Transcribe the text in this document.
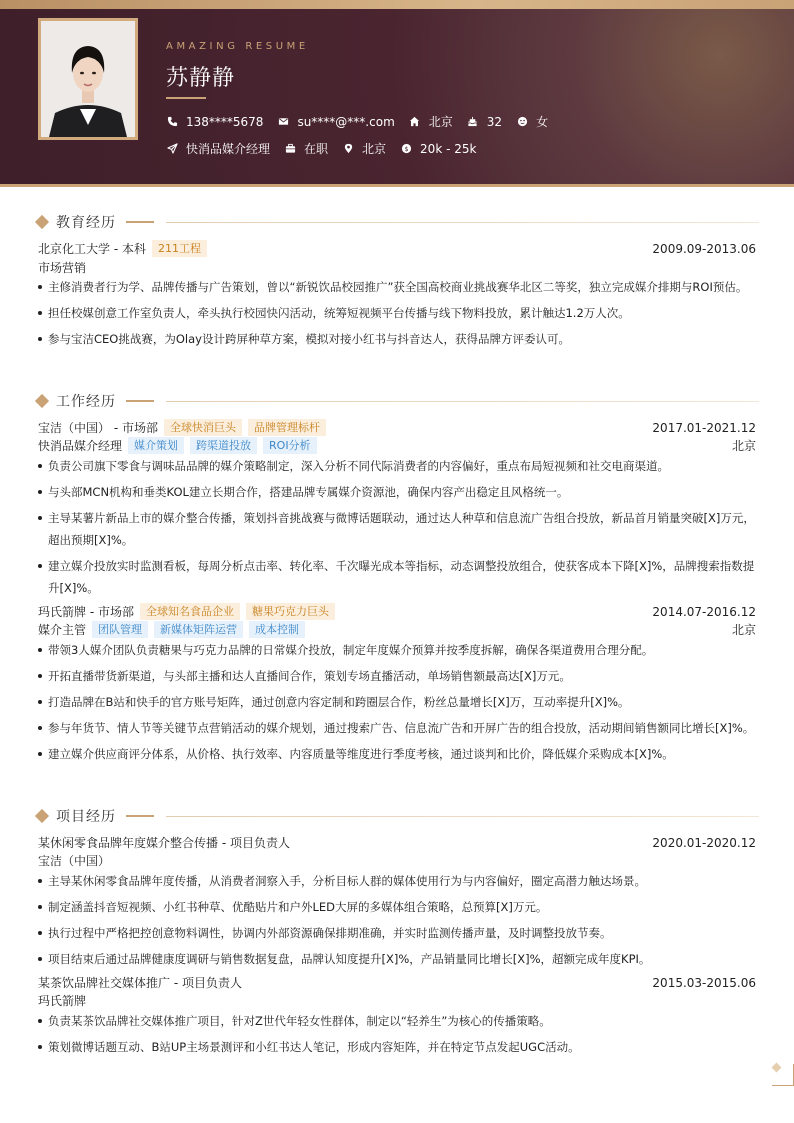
AMAZING RESUME
苏静静
138****5678	su****@***.com	北京	32	女
快消品媒介经理	在职	北京	$ 20k - 25k
教育经历
北京化工大学 - 本科	211工程	2009.09-2013.06
市场营销
主修消费者行为学、品牌传播与广告策划，曾以“新锐饮品校园推广”获全国高校商业挑战赛华北区二等奖，独立完成媒介排期与ROI预估。
担任校媒创意工作室负责人，牵头执行校园快闪活动，统筹短视频平台传播与线下物料投放，累计触达1.2万人次。
参与宝洁CEO挑战赛，为Olay设计跨屏种草方案，模拟对接小红书与抖音达人，获得品牌方评委认可。
工作经历
宝洁（中国） - 市场部	全球快消巨头	品牌管理标杆	2017.01-2021.12
快消品媒介经理	媒介策划	跨渠道投放	ROI分析	北京
负责公司旗下零食与调味品品牌的媒介策略制定，深入分析不同代际消费者的内容偏好，重点布局短视频和社交电商渠道。
与头部MCN机构和垂类KOL建立长期合作，搭建品牌专属媒介资源池，确保内容产出稳定且风格统一。
主导某薯片新品上市的媒介整合传播，策划抖音挑战赛与微博话题联动，通过达人种草和信息流广告组合投放，新品首月销量突破[X]万元，超出预期[X]%。
建立媒介投放实时监测看板，每周分析点击率、转化率、千次曝光成本等指标，动态调整投放组合，使获客成本下降[X]%，品牌搜索指数提升[X]%。
玛氏箭牌 - 市场部	全球知名食品企业	糖果巧克力巨头	2014.07-2016.12
媒介主管	团队管理	新媒体矩阵运营	成本控制	北京
带领3人媒介团队负责糖果与巧克力品牌的日常媒介投放，制定年度媒介预算并按季度拆解，确保各渠道费用合理分配。
开拓直播带货新渠道，与头部主播和达人直播间合作，策划专场直播活动，单场销售额最高达[X]万元。
打造品牌在B站和快手的官方账号矩阵，通过创意内容定制和跨圈层合作，粉丝总量增长[X]万，互动率提升[X]%。
参与年货节、情人节等关键节点营销活动的媒介规划，通过搜索广告、信息流广告和开屏广告的组合投放，活动期间销售额同比增长[X]%。
建立媒介供应商评分体系，从价格、执行效率、内容质量等维度进行季度考核，通过谈判和比价，降低媒介采购成本[X]%。
项目经历
某休闲零食品牌年度媒介整合传播 - 项目负责人	2020.01-2020.12
宝洁（中国）
主导某休闲零食品牌年度传播，从消费者洞察入手，分析目标人群的媒体使用行为与内容偏好，圈定高潜力触达场景。
制定涵盖抖音短视频、小红书种草、优酷贴片和户外LED大屏的多媒体组合策略，总预算[X]万元。
执行过程中严格把控创意物料调性，协调内外部资源确保排期准确，并实时监测传播声量，及时调整投放节奏。
项目结束后通过品牌健康度调研与销售数据复盘，品牌认知度提升[X]%，产品销量同比增长[X]%，超额完成年度KPI。
某茶饮品牌社交媒体推广 - 项目负责人	2015.03-2015.06
玛氏箭牌
负责某茶饮品牌社交媒体推广项目，针对Z世代年轻女性群体，制定以“轻养生”为核心的传播策略。
策划微博话题互动、B站UP主场景测评和小红书达人笔记，形成内容矩阵，并在特定节点发起UGC活动。
